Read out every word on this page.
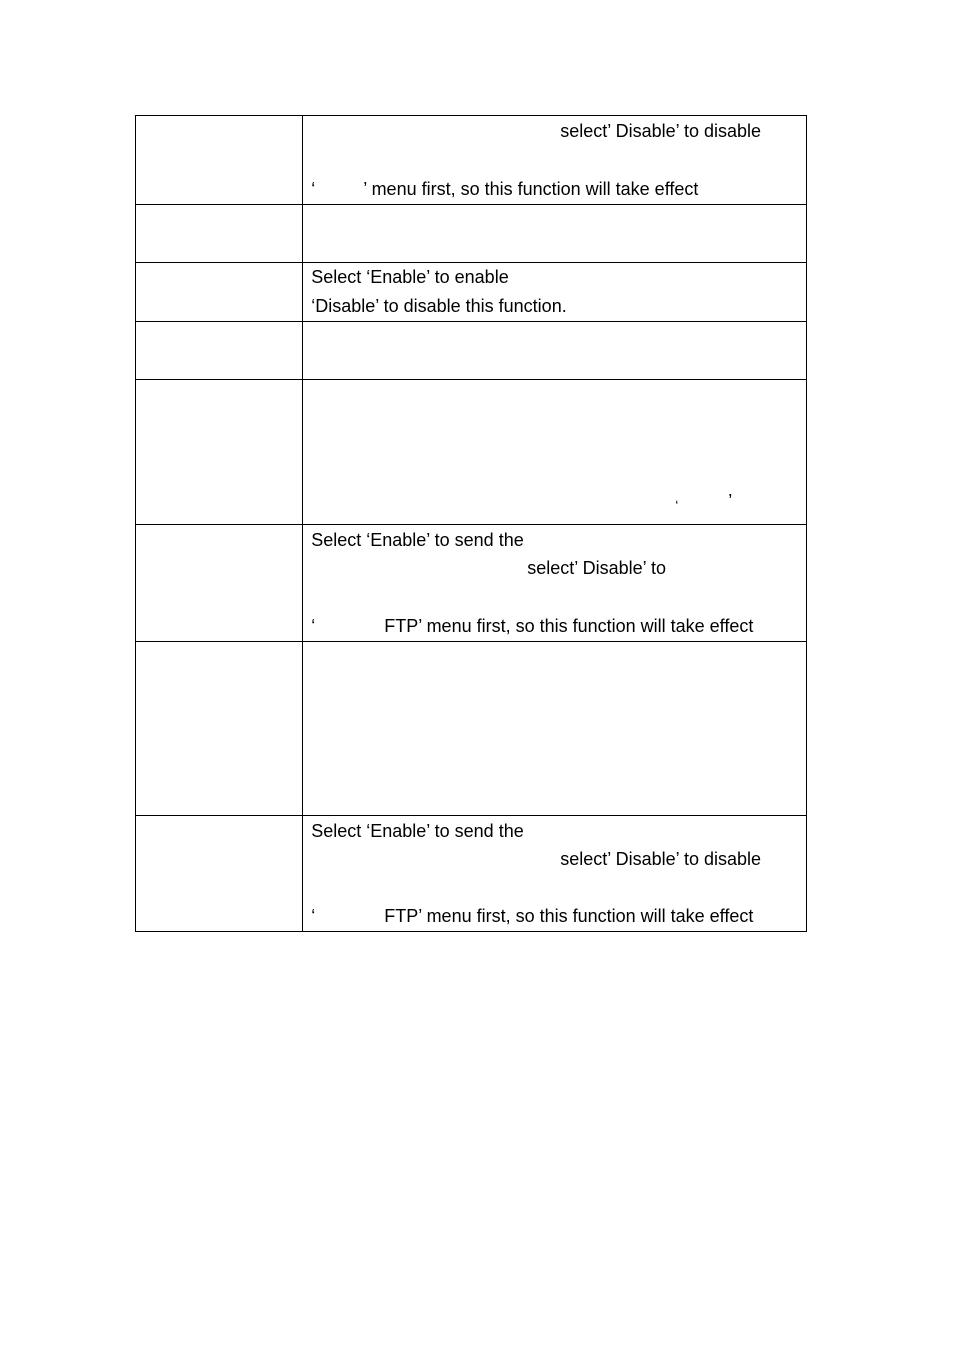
	select’ Disable’ to disable
‘ ’ menu first, so this function will take effect

	Select ‘Enable’ to enable
‘Disable’ to disable this function.

	‘ ’

	Select ‘Enable’ to send the
select’ Disable’ to
‘ FTP’ menu first, so this function will take effect

	Select ‘Enable’ to send the
select’ Disable’ to disable
‘ FTP’ menu first, so this function will take effect
